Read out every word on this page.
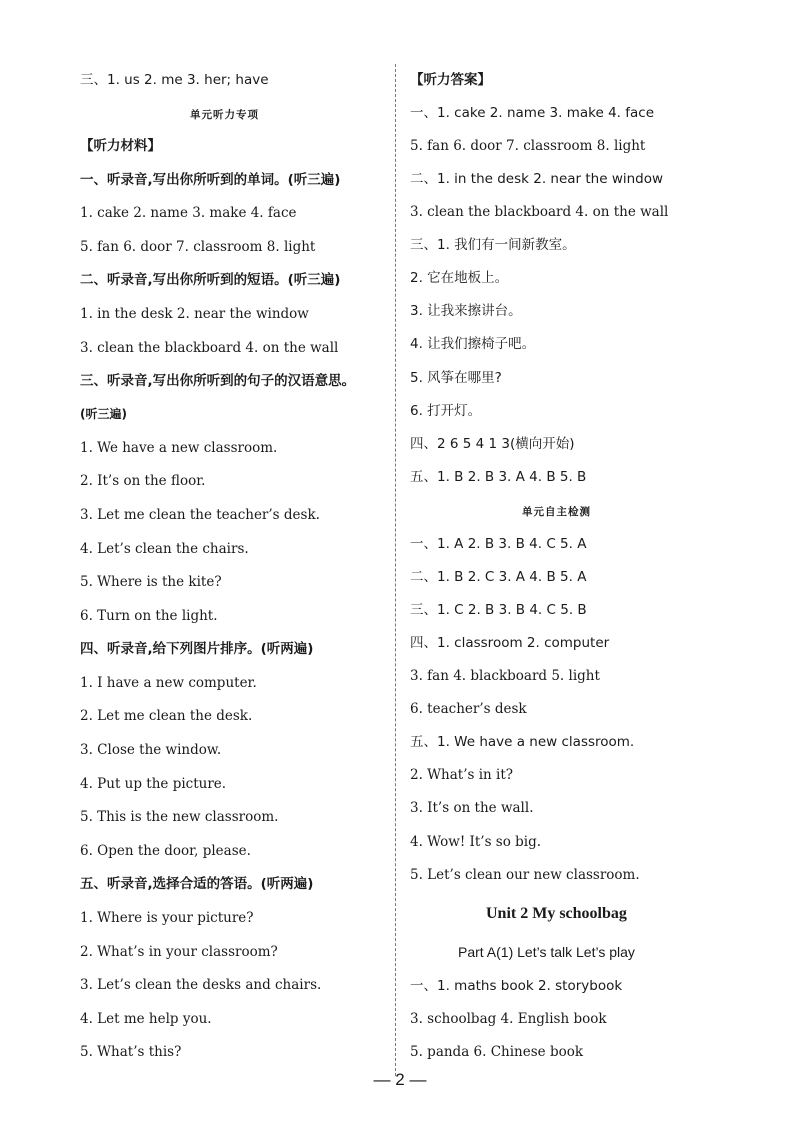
三、1. us 2. me 3. her; have
单元听力专项
【听力材料】
一、听录音,写出你所听到的单词。(听三遍)
1. cake 2. name 3. make 4. face
5. fan 6. door 7. classroom 8. light
二、听录音,写出你所听到的短语。(听三遍)
1. in the desk 2. near the window
3. clean the blackboard 4. on the wall
三、听录音,写出你所听到的句子的汉语意思。
(听三遍)
1. We have a new classroom.
2. It’s on the floor.
3. Let me clean the teacher’s desk.
4. Let’s clean the chairs.
5. Where is the kite?
6. Turn on the light.
四、听录音,给下列图片排序。(听两遍)
1. I have a new computer.
2. Let me clean the desk.
3. Close the window.
4. Put up the picture.
5. This is the new classroom.
6. Open the door, please.
五、听录音,选择合适的答语。(听两遍)
1. Where is your picture?
2. What’s in your classroom?
3. Let’s clean the desks and chairs.
4. Let me help you.
5. What’s this?
【听力答案】
一、1. cake 2. name 3. make 4. face
5. fan 6. door 7. classroom 8. light
二、1. in the desk 2. near the window
3. clean the blackboard 4. on the wall
三、1. 我们有一间新教室。
2. 它在地板上。
3. 让我来擦讲台。
4. 让我们擦椅子吧。
5. 风筝在哪里?
6. 打开灯。
四、2 6 5 4 1 3(横向开始)
五、1. B 2. B 3. A 4. B 5. B
单元自主检测
一、1. A 2. B 3. B 4. C 5. A
二、1. B 2. C 3. A 4. B 5. A
三、1. C 2. B 3. B 4. C 5. B
四、1. classroom 2. computer
3. fan 4. blackboard 5. light
6. teacher’s desk
五、1. We have a new classroom.
2. What’s in it?
3. It’s on the wall.
4. Wow! It’s so big.
5. Let’s clean our new classroom.
Unit 2 My schoolbag
Part A(1) Let’s talk Let’s play
一、1. maths book 2. storybook
3. schoolbag 4. English book
5. panda 6. Chinese book
— 2 —
